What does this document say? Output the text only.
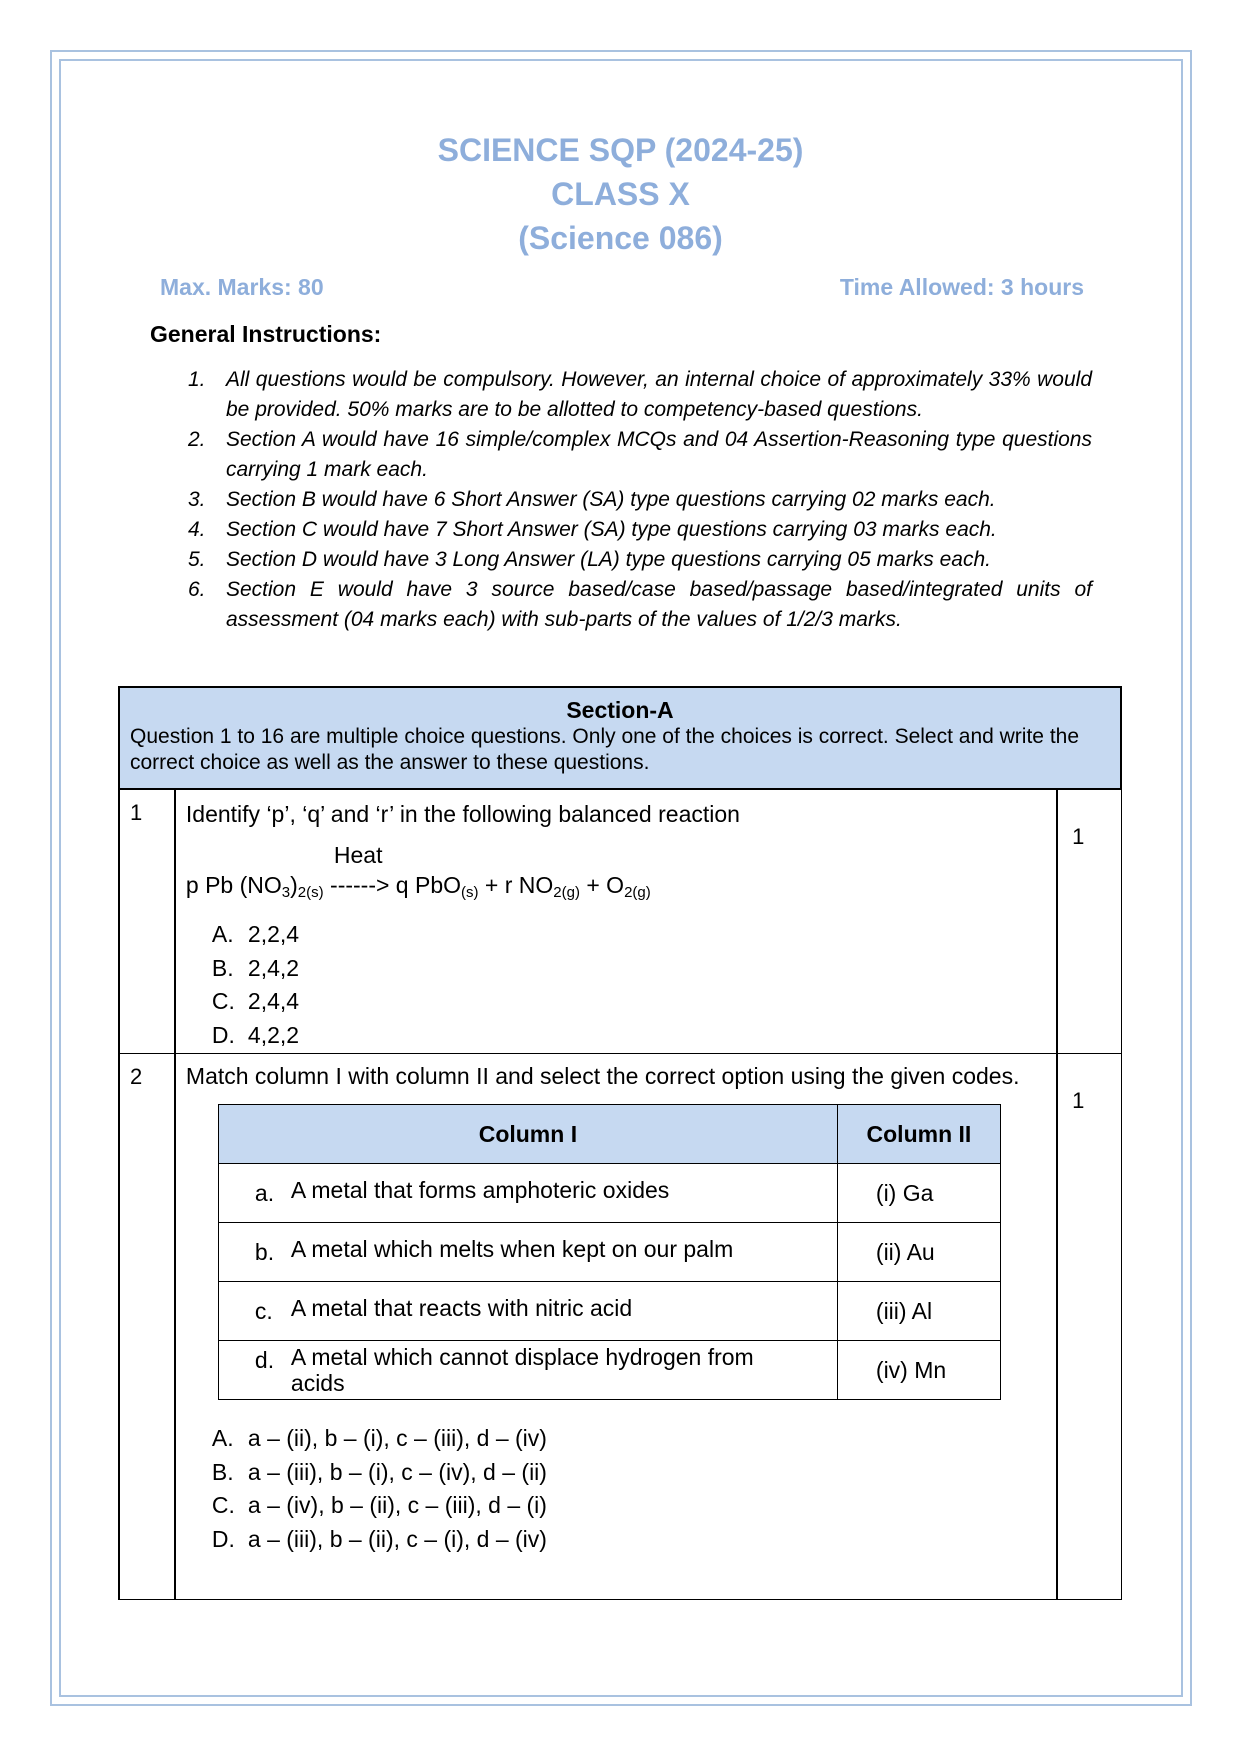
SCIENCE SQP (2024-25)
CLASS X
(Science 086)
Max. Marks: 80	Time Allowed: 3 hours
General Instructions:
1. All questions would be compulsory. However, an internal choice of approximately 33% would be provided. 50% marks are to be allotted to competency-based questions.
2. Section A would have 16 simple/complex MCQs and 04 Assertion-Reasoning type questions carrying 1 mark each.
3. Section B would have 6 Short Answer (SA) type questions carrying 02 marks each.
4. Section C would have 7 Short Answer (SA) type questions carrying 03 marks each.
5. Section D would have 3 Long Answer (LA) type questions carrying 05 marks each.
6. Section E would have 3 source based/case based/passage based/integrated units of assessment (04 marks each) with sub-parts of the values of 1/2/3 marks.
Section-A
Question 1 to 16 are multiple choice questions. Only one of the choices is correct. Select and write the correct choice as well as the answer to these questions.
1	Identify ‘p’, ‘q’ and ‘r’ in the following balanced reaction
Heat
p Pb $(NO_3)_{2(s)}$ ------> q PbO$_{(s)}$ + r $NO_{2(g)} + O_{2(g)}$
A. 2,2,4
B. 2,4,2
C. 2,4,4
D. 4,2,2
1
2	Match column I with column II and select the correct option using the given codes.
Column I	Column II
a. A metal that forms amphoteric oxides	(i) Ga
b. A metal which melts when kept on our palm	(ii) Au
c. A metal that reacts with nitric acid	(iii) Al
d. A metal which cannot displace hydrogen from acids	(iv) Mn
A. a – (ii), b – (i), c – (iii), d – (iv)
B. a – (iii), b – (i), c – (iv), d – (ii)
C. a – (iv), b – (ii), c – (iii), d – (i)
D. a – (iii), b – (ii), c – (i), d – (iv)
1
